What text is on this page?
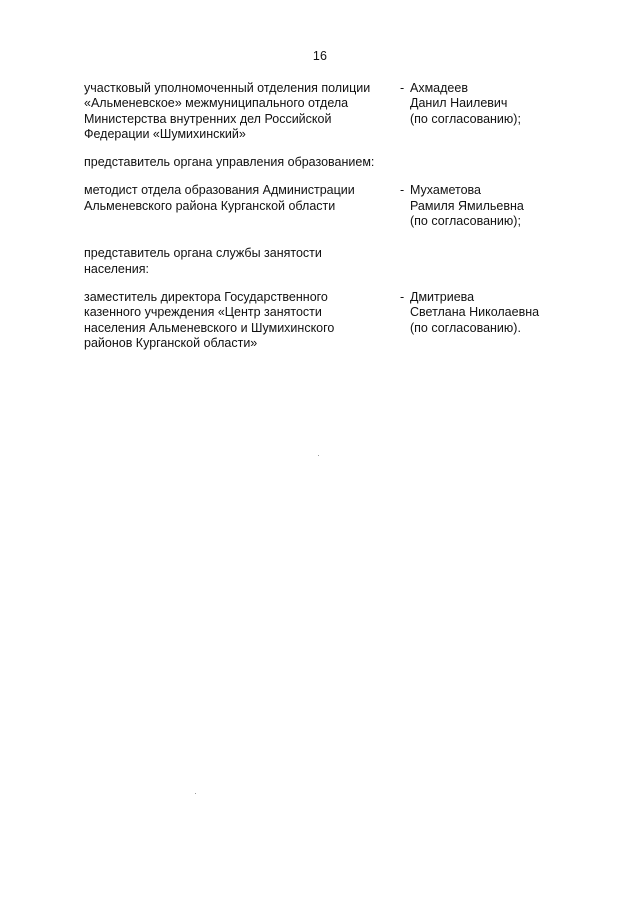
16
участковый уполномоченный отделения полиции
«Альменевское» межмуниципального отдела
Министерства внутренних дел Российской
Федерации «Шумихинский»
- Ахмадеев
Данил Наилевич
(по согласованию);
представитель органа управления образованием:
методист отдела образования Администрации
Альменевского района Курганской области
- Мухаметова
Рамиля Ямильевна
(по согласованию);
представитель органа службы занятости
населения:
заместитель директора Государственного
казенного учреждения «Центр занятости
населения Альменевского и Шумихинского
районов Курганской области»
- Дмитриева
Светлана Николаевна
(по согласованию).
